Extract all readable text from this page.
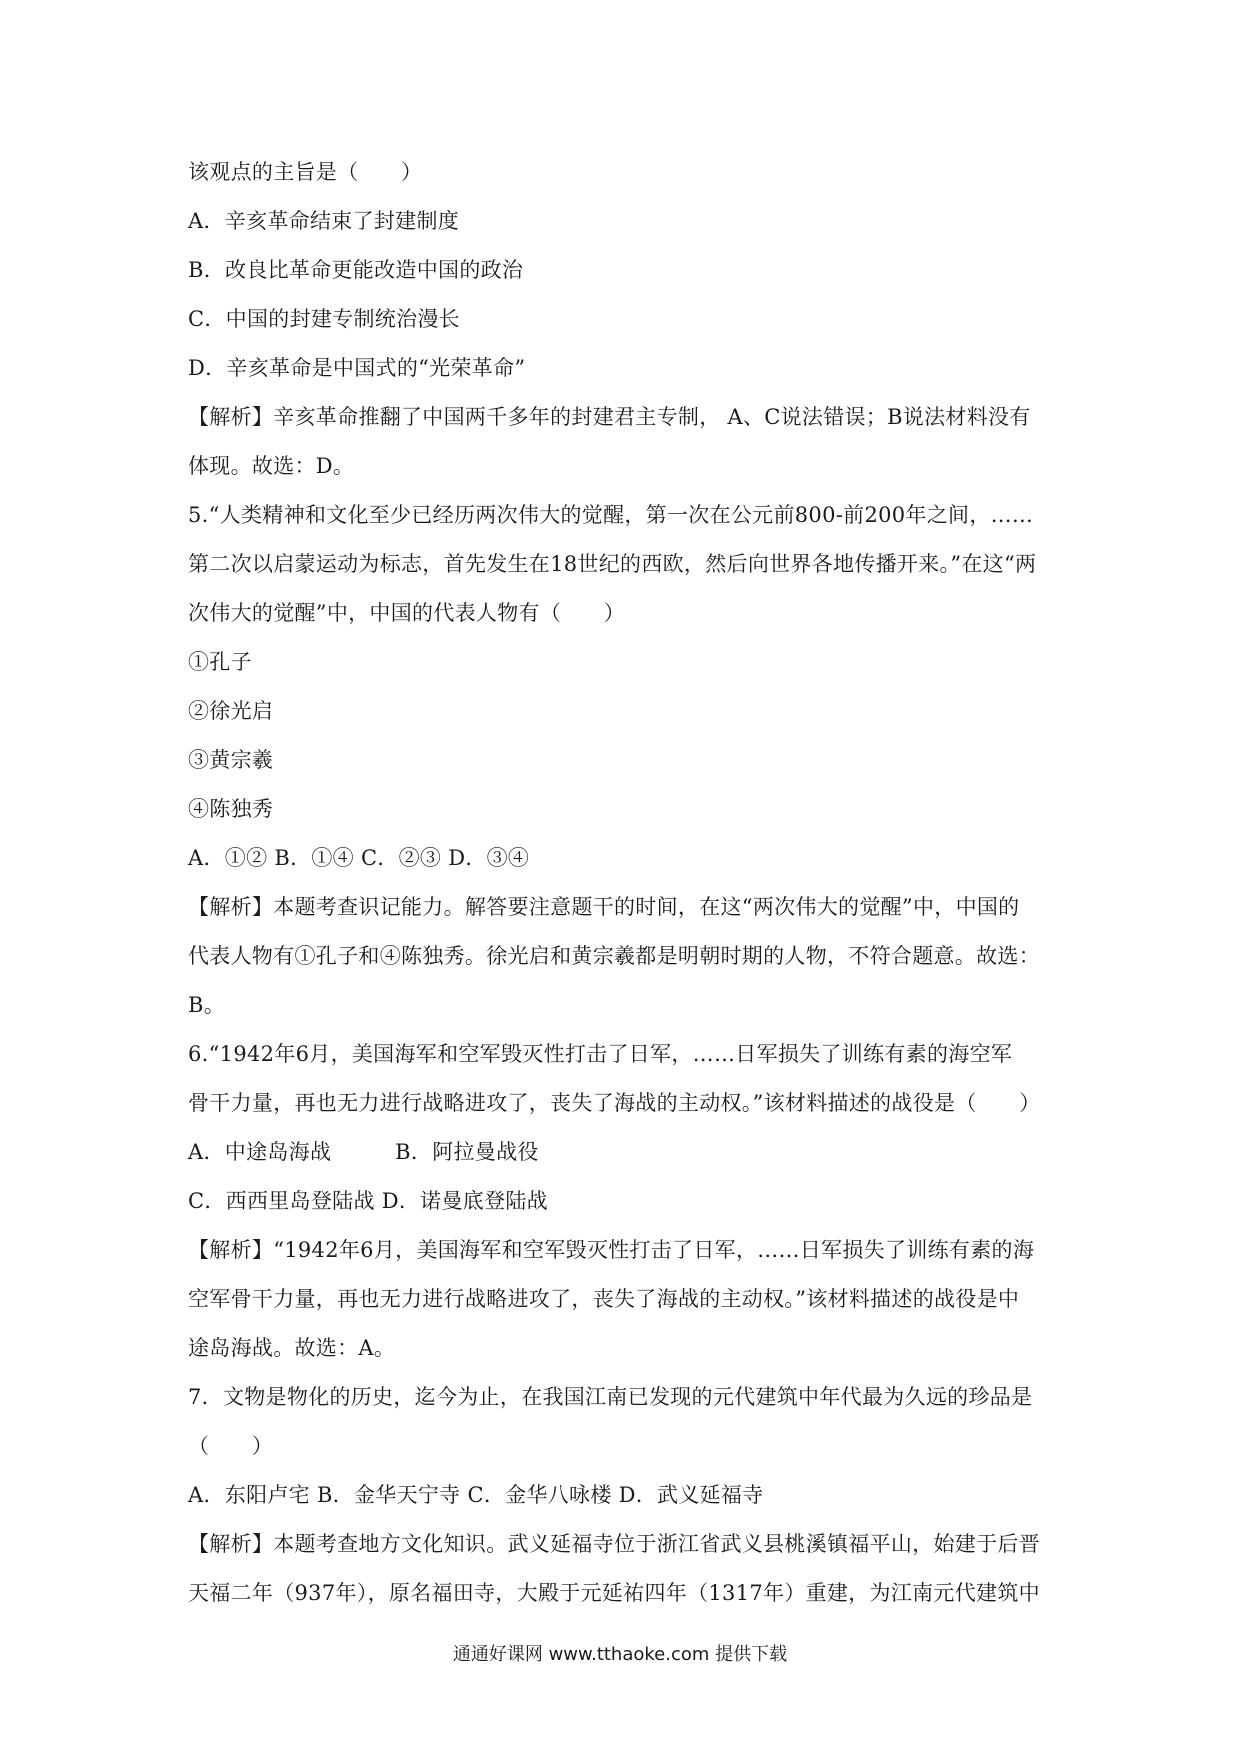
该观点的主旨是（　　）
A．辛亥革命结束了封建制度
B．改良比革命更能改造中国的政治
C．中国的封建专制统治漫长
D．辛亥革命是中国式的“光荣革命”
【解析】辛亥革命推翻了中国两千多年的封建君主专制， A、C说法错误；B说法材料没有
体现。故选：D。
5.“人类精神和文化至少已经历两次伟大的觉醒，第一次在公元前800-前200年之间，……
第二次以启蒙运动为标志，首先发生在18世纪的西欧，然后向世界各地传播开来。”在这“两
次伟大的觉醒”中，中国的代表人物有（　　）
①孔子
②徐光启
③黄宗羲
④陈独秀
A．①② B．①④ C．②③ D．③④
【解析】本题考查识记能力。解答要注意题干的时间，在这“两次伟大的觉醒”中，中国的
代表人物有①孔子和④陈独秀。徐光启和黄宗羲都是明朝时期的人物，不符合题意。故选：
B。
6.“1942年6月，美国海军和空军毁灭性打击了日军，……日军损失了训练有素的海空军
骨干力量，再也无力进行战略进攻了，丧失了海战的主动权。”该材料描述的战役是（　　）
A．中途岛海战　　　B．阿拉曼战役
C．西西里岛登陆战 D．诺曼底登陆战
【解析】“1942年6月，美国海军和空军毁灭性打击了日军，……日军损失了训练有素的海
空军骨干力量，再也无力进行战略进攻了，丧失了海战的主动权。”该材料描述的战役是中
途岛海战。故选：A。
7．文物是物化的历史，迄今为止，在我国江南已发现的元代建筑中年代最为久远的珍品是
（　　）
A．东阳卢宅 B．金华天宁寺 C．金华八咏楼 D．武义延福寺
【解析】本题考查地方文化知识。武义延福寺位于浙江省武义县桃溪镇福平山，始建于后晋
天福二年（937年），原名福田寺，大殿于元延祐四年（1317年）重建，为江南元代建筑中
通通好课网 www.tthaoke.com 提供下载
